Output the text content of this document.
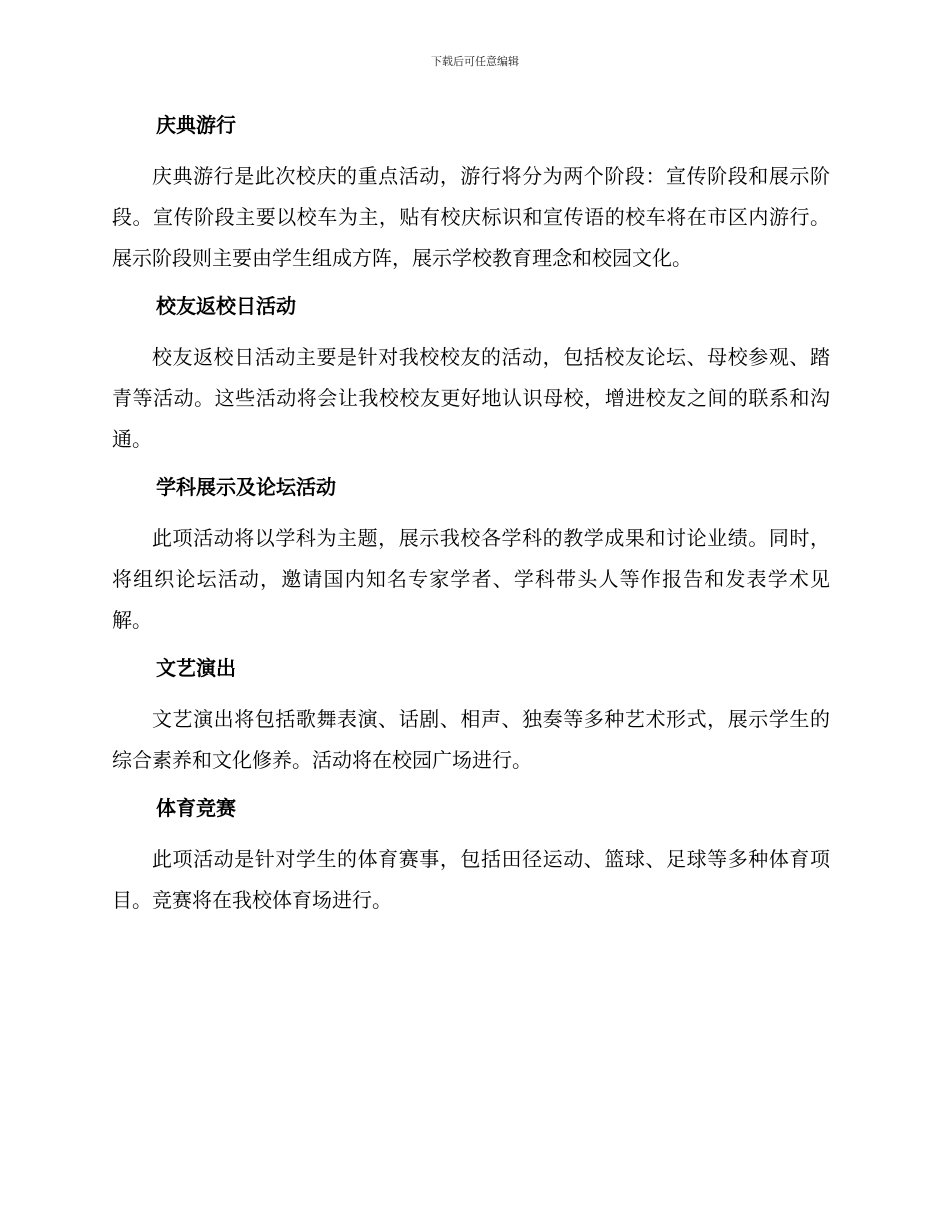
下载后可任意编辑
庆典游行

庆典游行是此次校庆的重点活动，游行将分为两个阶段：宣传阶段和展示阶段。宣传阶段主要以校车为主，贴有校庆标识和宣传语的校车将在市区内游行。展示阶段则主要由学生组成方阵，展示学校教育理念和校园文化。

校友返校日活动

校友返校日活动主要是针对我校校友的活动，包括校友论坛、母校参观、踏青等活动。这些活动将会让我校校友更好地认识母校，增进校友之间的联系和沟通。

学科展示及论坛活动

此项活动将以学科为主题，展示我校各学科的教学成果和讨论业绩。同时，将组织论坛活动，邀请国内知名专家学者、学科带头人等作报告和发表学术见解。

文艺演出

文艺演出将包括歌舞表演、话剧、相声、独奏等多种艺术形式，展示学生的综合素养和文化修养。活动将在校园广场进行。

体育竞赛

此项活动是针对学生的体育赛事，包括田径运动、篮球、足球等多种体育项目。竞赛将在我校体育场进行。
